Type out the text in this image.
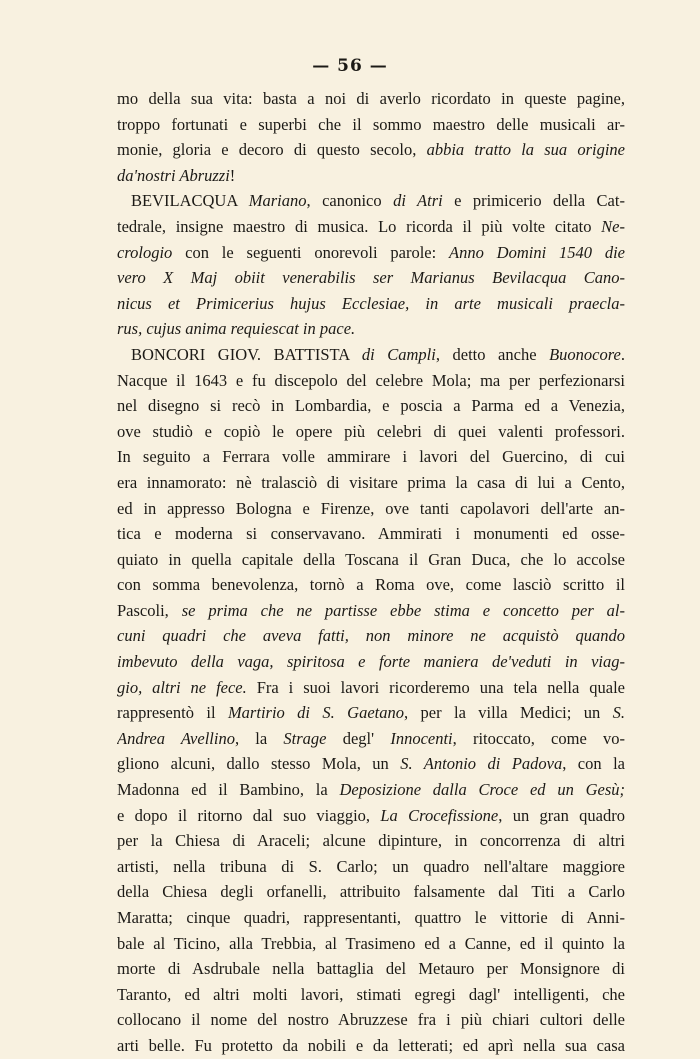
— 56 —
mo della sua vita: basta a noi di averlo ricordato in queste pagine,
troppo fortunati e superbi che il sommo maestro delle musicali ar-
monie, gloria e decoro di questo secolo, abbia tratto la sua origine
da'nostri Abruzzi!
BEVILACQUA Mariano, canonico di Atri e primicerio della Cat-
tedrale, insigne maestro di musica. Lo ricorda il più volte citato Ne-
crologio con le seguenti onorevoli parole: Anno Domini 1540 die
vero X Maj obiit venerabilis ser Marianus Bevilacqua Cano-
nicus et Primicerius hujus Ecclesiae, in arte musicali praecla-
rus, cujus anima requiescat in pace.
BONCORI GIOV. BATTISTA di Campli, detto anche Buonocore.
Nacque il 1643 e fu discepolo del celebre Mola; ma per perfezionarsi
nel disegno si recò in Lombardia, e poscia a Parma ed a Venezia,
ove studiò e copiò le opere più celebri di quei valenti professori.
In seguito a Ferrara volle ammirare i lavori del Guercino, di cui
era innamorato: nè tralasciò di visitare prima la casa di lui a Cento,
ed in appresso Bologna e Firenze, ove tanti capolavori dell'arte an-
tica e moderna si conservavano. Ammirati i monumenti ed osse-
quiato in quella capitale della Toscana il Gran Duca, che lo accolse
con somma benevolenza, tornò a Roma ove, come lasciò scritto il
Pascoli, se prima che ne partisse ebbe stima e concetto per al-
cuni quadri che aveva fatti, non minore ne acquistò quando
imbevuto della vaga, spiritosa e forte maniera de'veduti in viag-
gio, altri ne fece. Fra i suoi lavori ricorderemo una tela nella quale
rappresentò il Martirio di S. Gaetano, per la villa Medici; un S.
Andrea Avellino, la Strage degl' Innocenti, ritoccato, come vo-
gliono alcuni, dallo stesso Mola, un S. Antonio di Padova, con la
Madonna ed il Bambino, la Deposizione dalla Croce ed un Gesù;
e dopo il ritorno dal suo viaggio, La Crocefissione, un gran quadro
per la Chiesa di Araceli; alcune dipinture, in concorrenza di altri
artisti, nella tribuna di S. Carlo; un quadro nell'altare maggiore
della Chiesa degli orfanelli, attribuito falsamente dal Titi a Carlo
Maratta; cinque quadri, rappresentanti, quattro le vittorie di Anni-
bale al Ticino, alla Trebbia, al Trasimeno ed a Canne, ed il quinto la
morte di Asdrubale nella battaglia del Metauro per Monsignore di
Taranto, ed altri molti lavori, stimati egregi dagl' intelligenti, che
collocano il nome del nostro Abruzzese fra i più chiari cultori delle
arti belle. Fu protetto da nobili e da letterati; ed aprì nella sua casa
